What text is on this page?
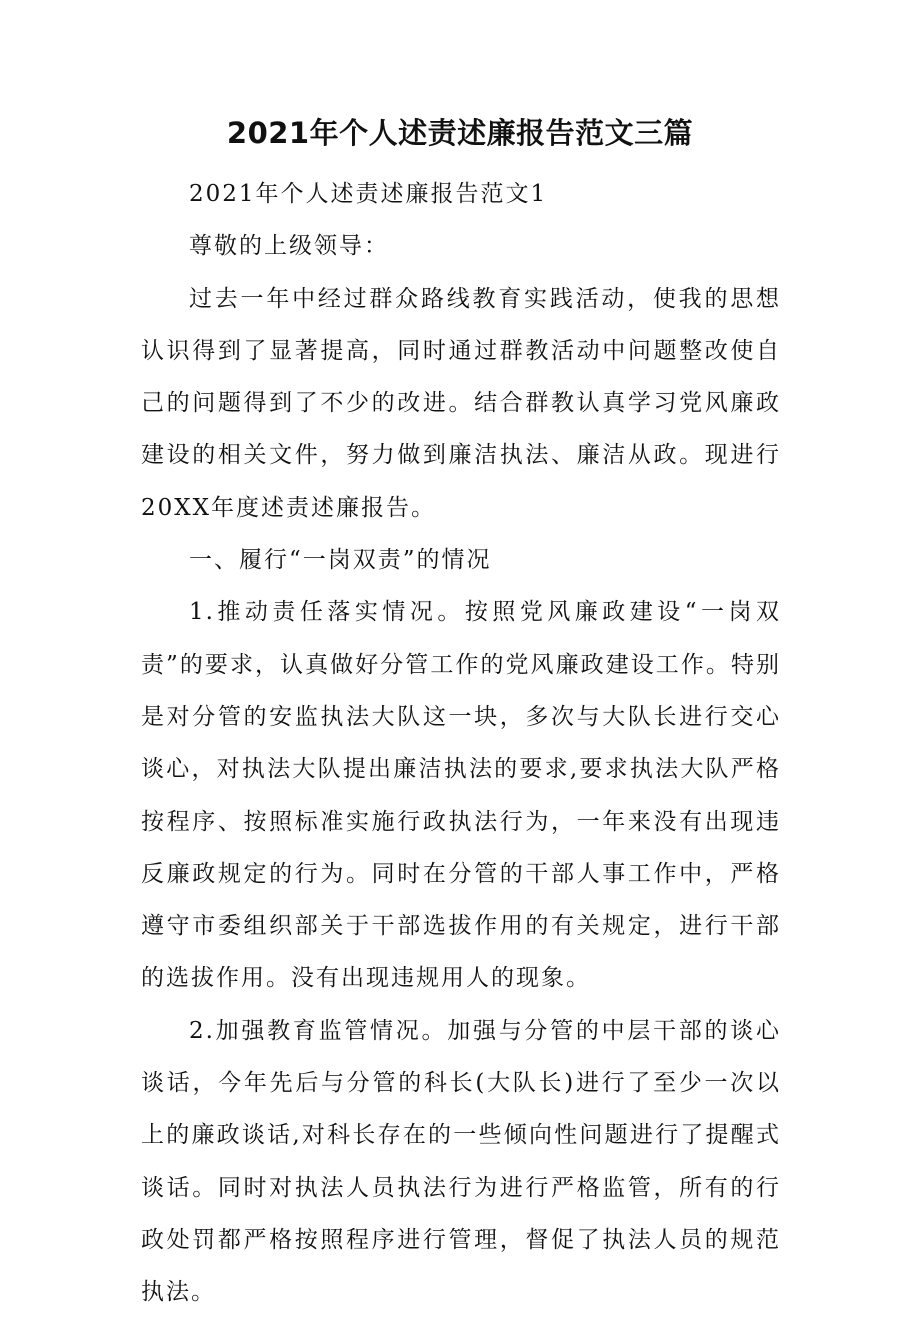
2021年个人述责述廉报告范文三篇

2021年个人述责述廉报告范文1

尊敬的上级领导：

过去一年中经过群众路线教育实践活动，使我的思想认识得到了显著提高，同时通过群教活动中问题整改使自己的问题得到了不少的改进。结合群教认真学习党风廉政建设的相关文件，努力做到廉洁执法、廉洁从政。现进行20XX年度述责述廉报告。

一、履行“一岗双责”的情况

1.推动责任落实情况。按照党风廉政建设“一岗双责”的要求，认真做好分管工作的党风廉政建设工作。特别是对分管的安监执法大队这一块，多次与大队长进行交心谈心，对执法大队提出廉洁执法的要求,要求执法大队严格按程序、按照标准实施行政执法行为，一年来没有出现违反廉政规定的行为。同时在分管的干部人事工作中，严格遵守市委组织部关于干部选拔作用的有关规定，进行干部的选拔作用。没有出现违规用人的现象。

2.加强教育监管情况。加强与分管的中层干部的谈心谈话，今年先后与分管的科长(大队长)进行了至少一次以上的廉政谈话,对科长存在的一些倾向性问题进行了提醒式谈话。同时对执法人员执法行为进行严格监管，所有的行政处罚都严格按照程序进行管理，督促了执法人员的规范执法。
